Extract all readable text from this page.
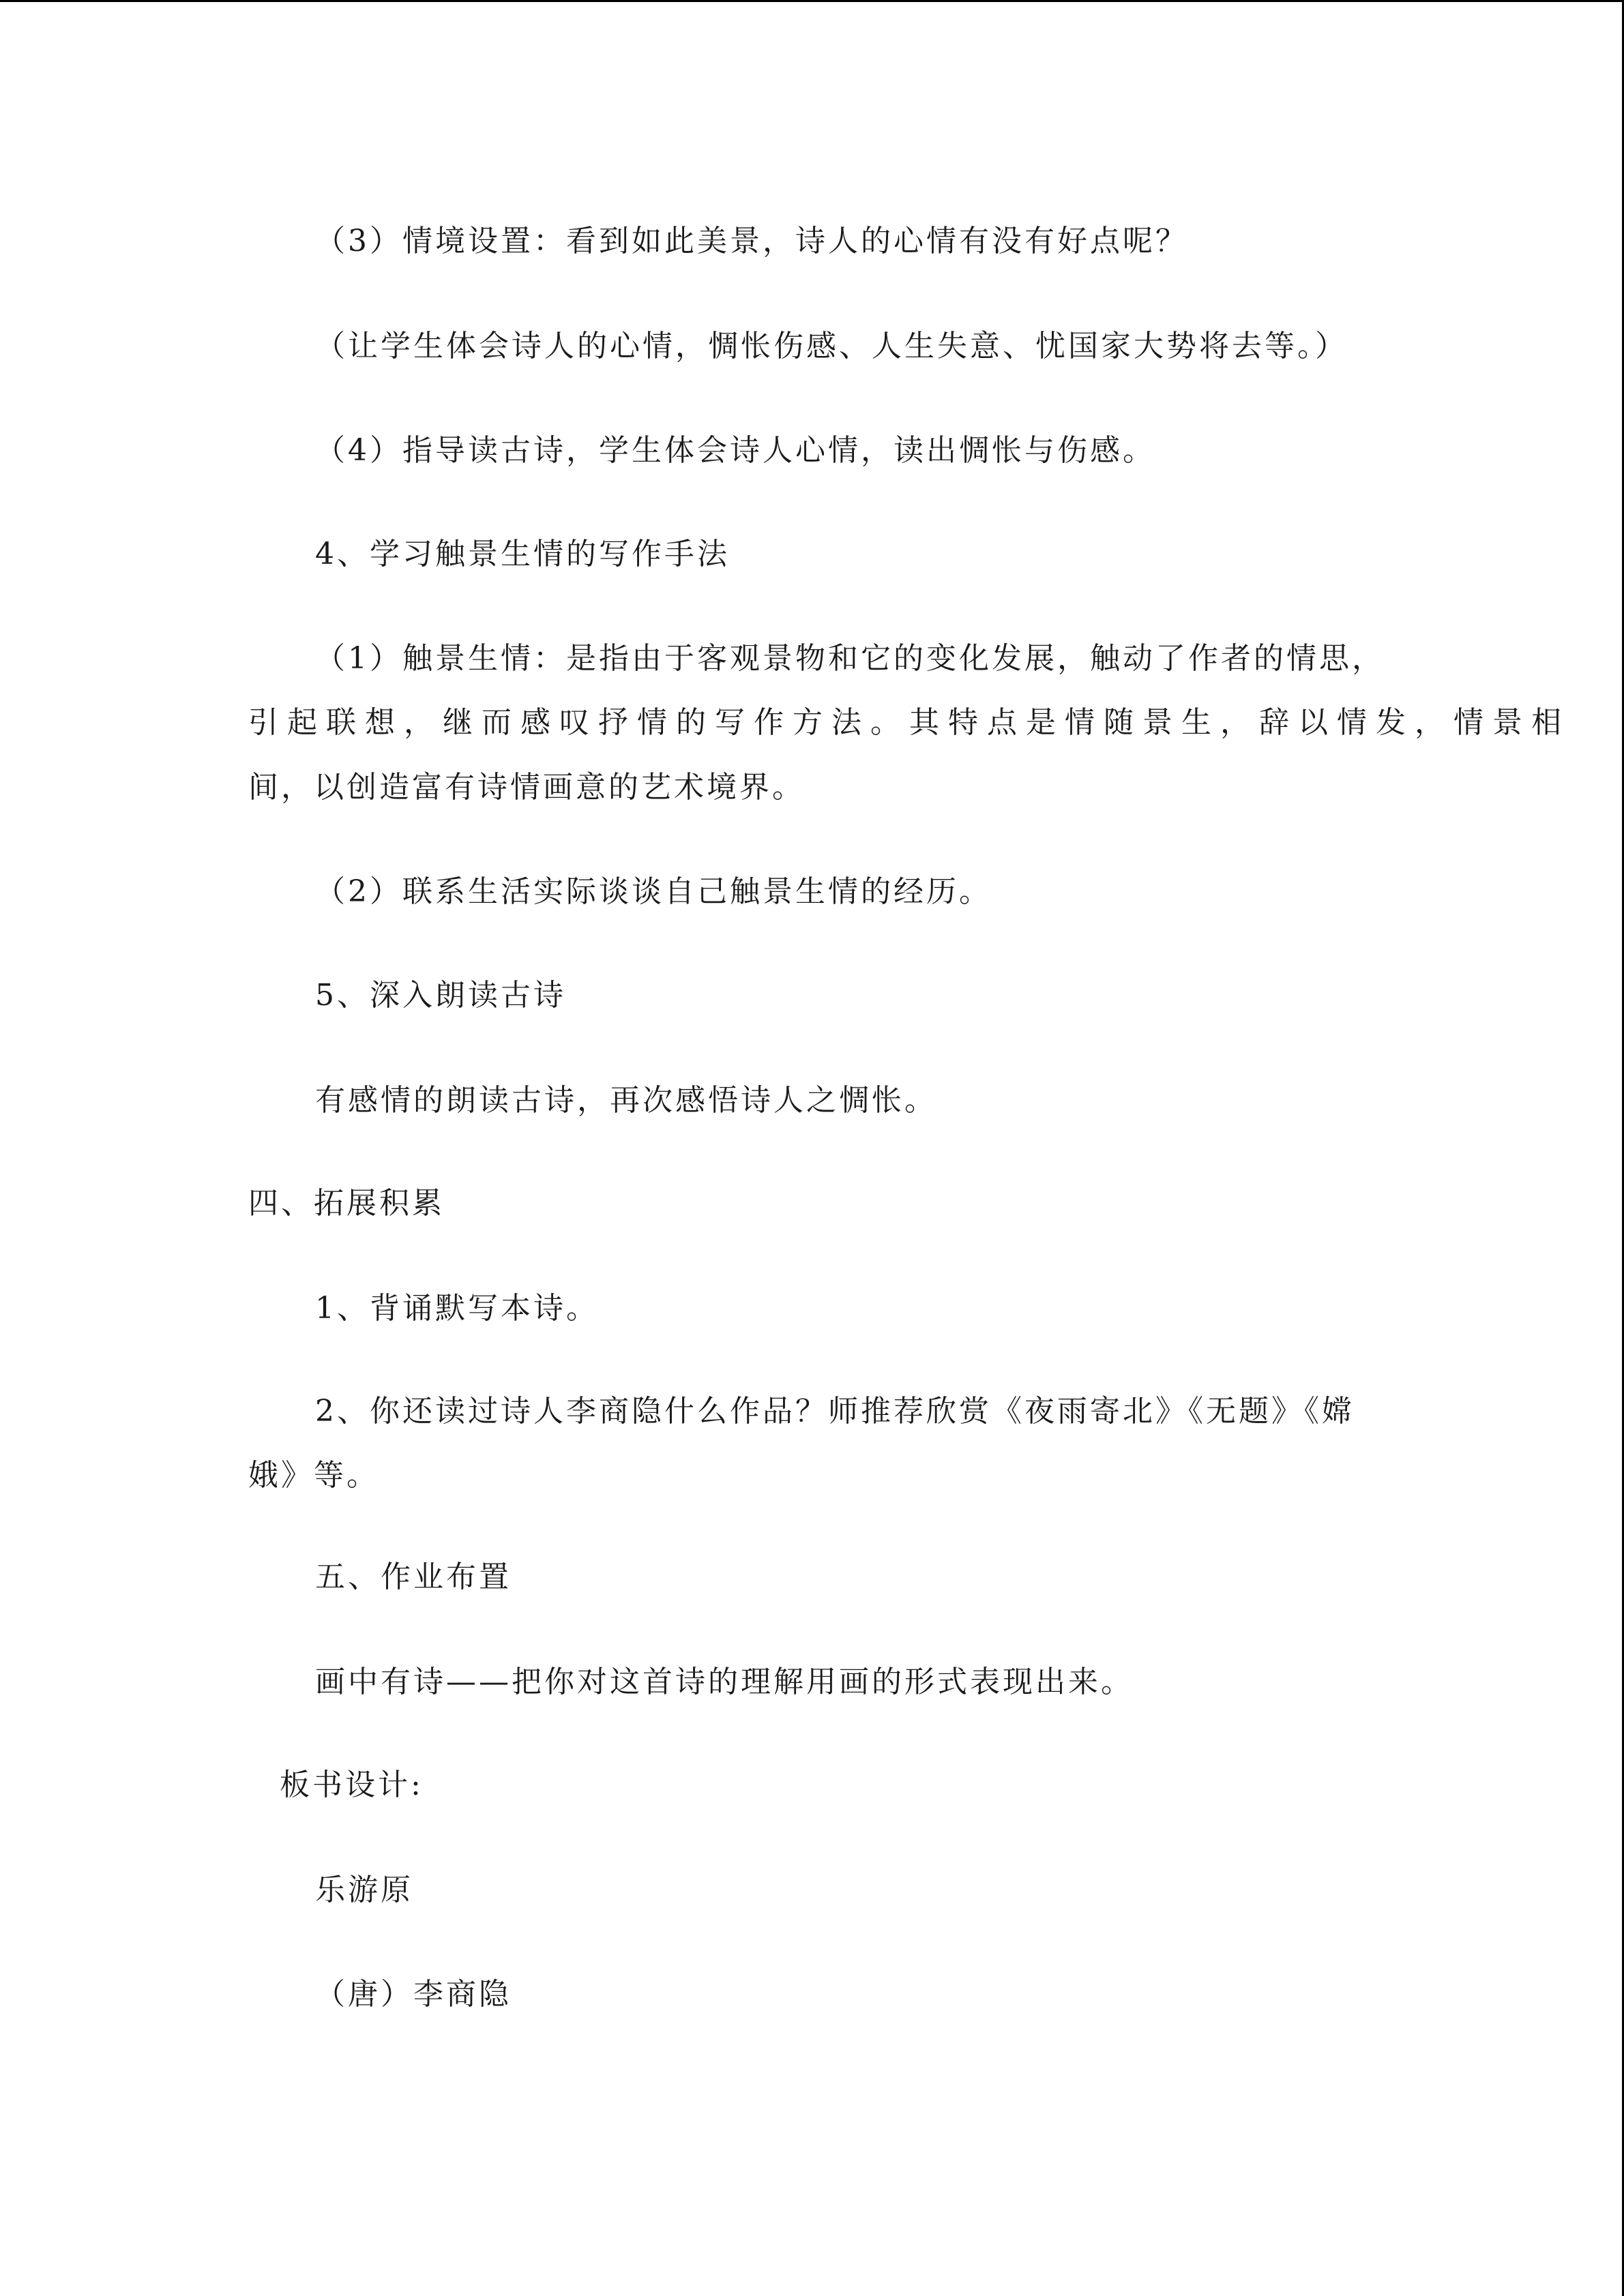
（3）情境设置：看到如此美景，诗人的心情有没有好点呢？
（让学生体会诗人的心情，惆怅伤感、人生失意、忧国家大势将去等。）
（4）指导读古诗，学生体会诗人心情，读出惆怅与伤感。
4、学习触景生情的写作手法
（1）触景生情：是指由于客观景物和它的变化发展，触动了作者的情思，
引起联想，继而感叹抒情的写作方法。其特点是情随景生，辞以情发，情景相
间，以创造富有诗情画意的艺术境界。
（2）联系生活实际谈谈自己触景生情的经历。
5、深入朗读古诗
有感情的朗读古诗，再次感悟诗人之惆怅。
四、拓展积累
1、背诵默写本诗。
2、你还读过诗人李商隐什么作品？师推荐欣赏《夜雨寄北》《无题》《嫦
娥》等。
五、作业布置
画中有诗——把你对这首诗的理解用画的形式表现出来。
板书设计:
乐游原
（唐）李商隐
